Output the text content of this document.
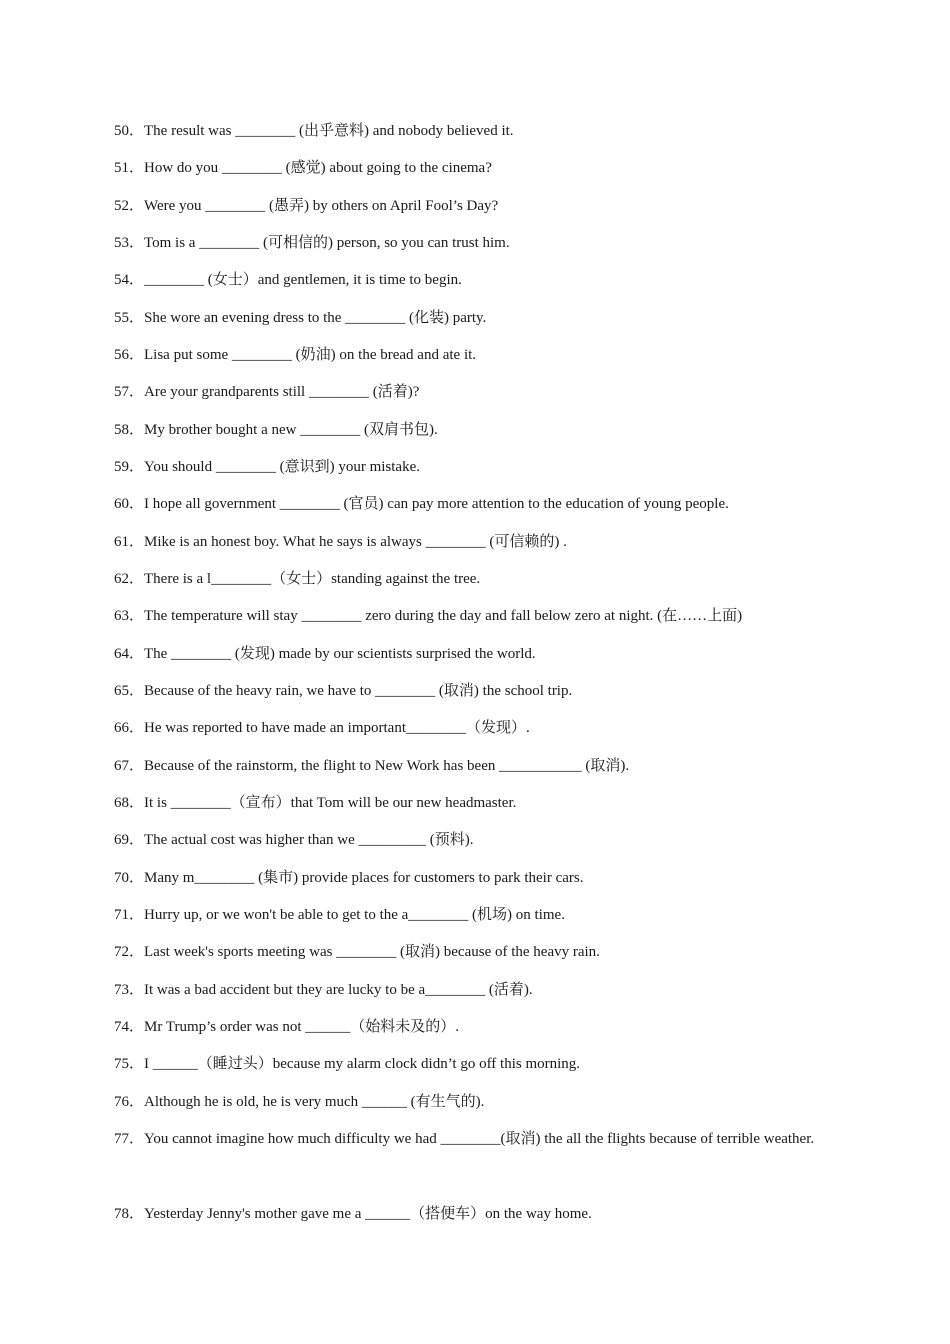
50．The result was ________ (出乎意料) and nobody believed it.
51．How do you ________ (感觉) about going to the cinema?
52．Were you ________ (愚弄) by others on April Fool’s Day?
53．Tom is a ________ (可相信的) person, so you can trust him.
54．________ (女士）and gentlemen, it is time to begin.
55．She wore an evening dress to the ________ (化装) party.
56．Lisa put some ________ (奶油) on the bread and ate it.
57．Are your grandparents still ________ (活着)?
58．My brother bought a new ________ (双肩书包).
59．You should ________ (意识到) your mistake.
60．I hope all government ________ (官员) can pay more attention to the education of young people.
61．Mike is an honest boy. What he says is always ________ (可信赖的) .
62．There is a l________（女士）standing against the tree.
63．The temperature will stay ________ zero during the day and fall below zero at night. (在……上面)
64．The ________ (发现) made by our scientists surprised the world.
65．Because of the heavy rain, we have to ________ (取消) the school trip.
66．He was reported to have made an important________（发现）.
67．Because of the rainstorm, the flight to New Work has been ___________ (取消).
68．It is ________（宣布）that Tom will be our new headmaster.
69．The actual cost was higher than we _________ (预料).
70．Many m________ (集市) provide places for customers to park their cars.
71．Hurry up, or we won't be able to get to the a________ (机场) on time.
72．Last week's sports meeting was ________ (取消) because of the heavy rain.
73．It was a bad accident but they are lucky to be a________ (活着).
74．Mr Trump’s order was not ______（始料未及的）.
75．I ______（睡过头）because my alarm clock didn’t go off this morning.
76．Although he is old, he is very much ______ (有生气的).
77．You cannot imagine how much difficulty we had ________(取消) the all the flights because of terrible weather.
78．Yesterday Jenny's mother gave me a ______（搭便车）on the way home.
